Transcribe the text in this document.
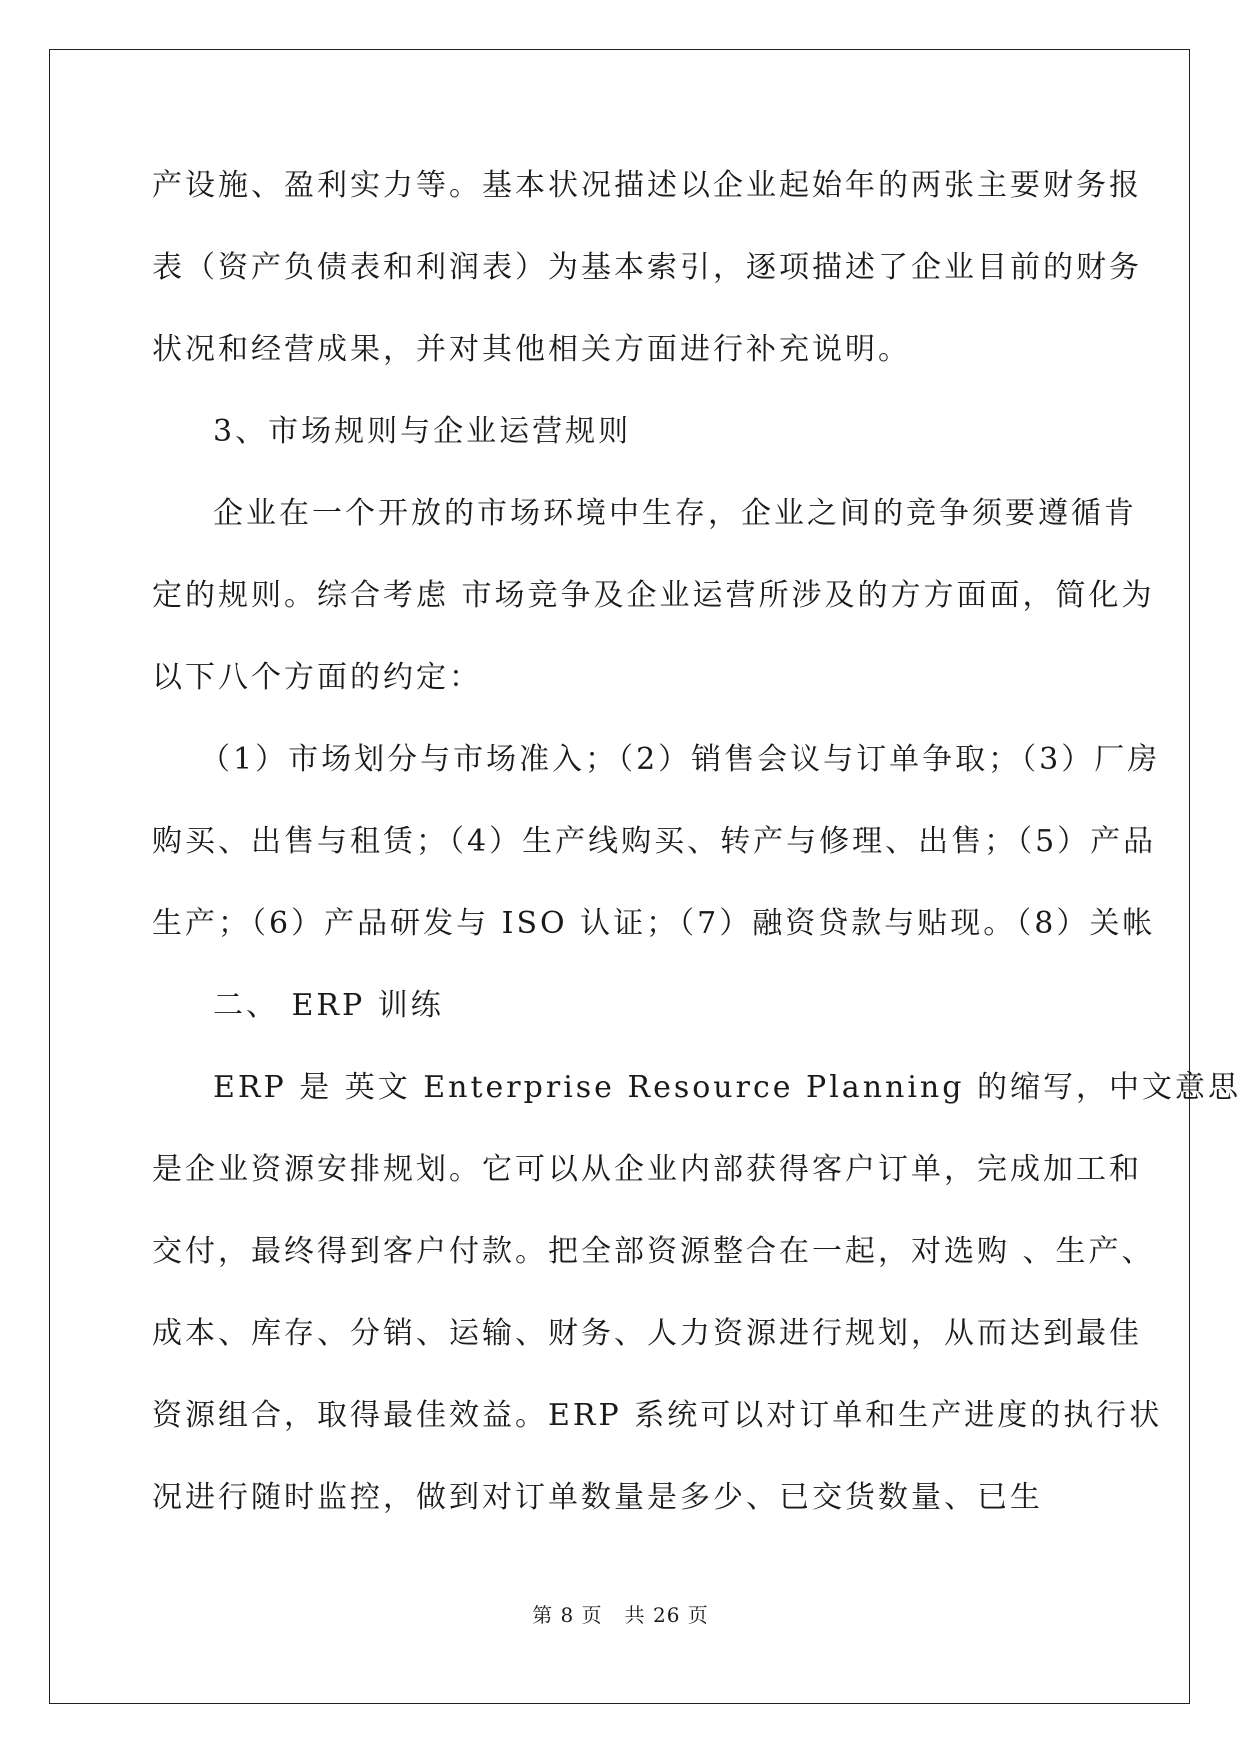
产设施、盈利实力等。基本状况描述以企业起始年的两张主要财务报
表（资产负债表和利润表）为基本索引，逐项描述了企业目前的财务
状况和经营成果，并对其他相关方面进行补充说明。
3、市场规则与企业运营规则
企业在一个开放的市场环境中生存，企业之间的竞争须要遵循肯
定的规则。综合考虑 市场竞争及企业运营所涉及的方方面面，简化为
以下八个方面的约定：
（1）市场划分与市场准入；（2）销售会议与订单争取；（3）厂房
购买、出售与租赁；（4）生产线购买、转产与修理、出售；（5）产品
生产；（6）产品研发与 ISO 认证；（7）融资贷款与贴现。（8）关帐
二、 ERP 训练
ERP 是 英文 Enterprise Resource Planning 的缩写，中文意思
是企业资源安排规划。它可以从企业内部获得客户订单，完成加工和
交付，最终得到客户付款。把全部资源整合在一起，对选购 、生产、
成本、库存、分销、运输、财务、人力资源进行规划，从而达到最佳
资源组合，取得最佳效益。ERP 系统可以对订单和生产进度的执行状
况进行随时监控，做到对订单数量是多少、已交货数量、已生
第 8 页 共 26 页
